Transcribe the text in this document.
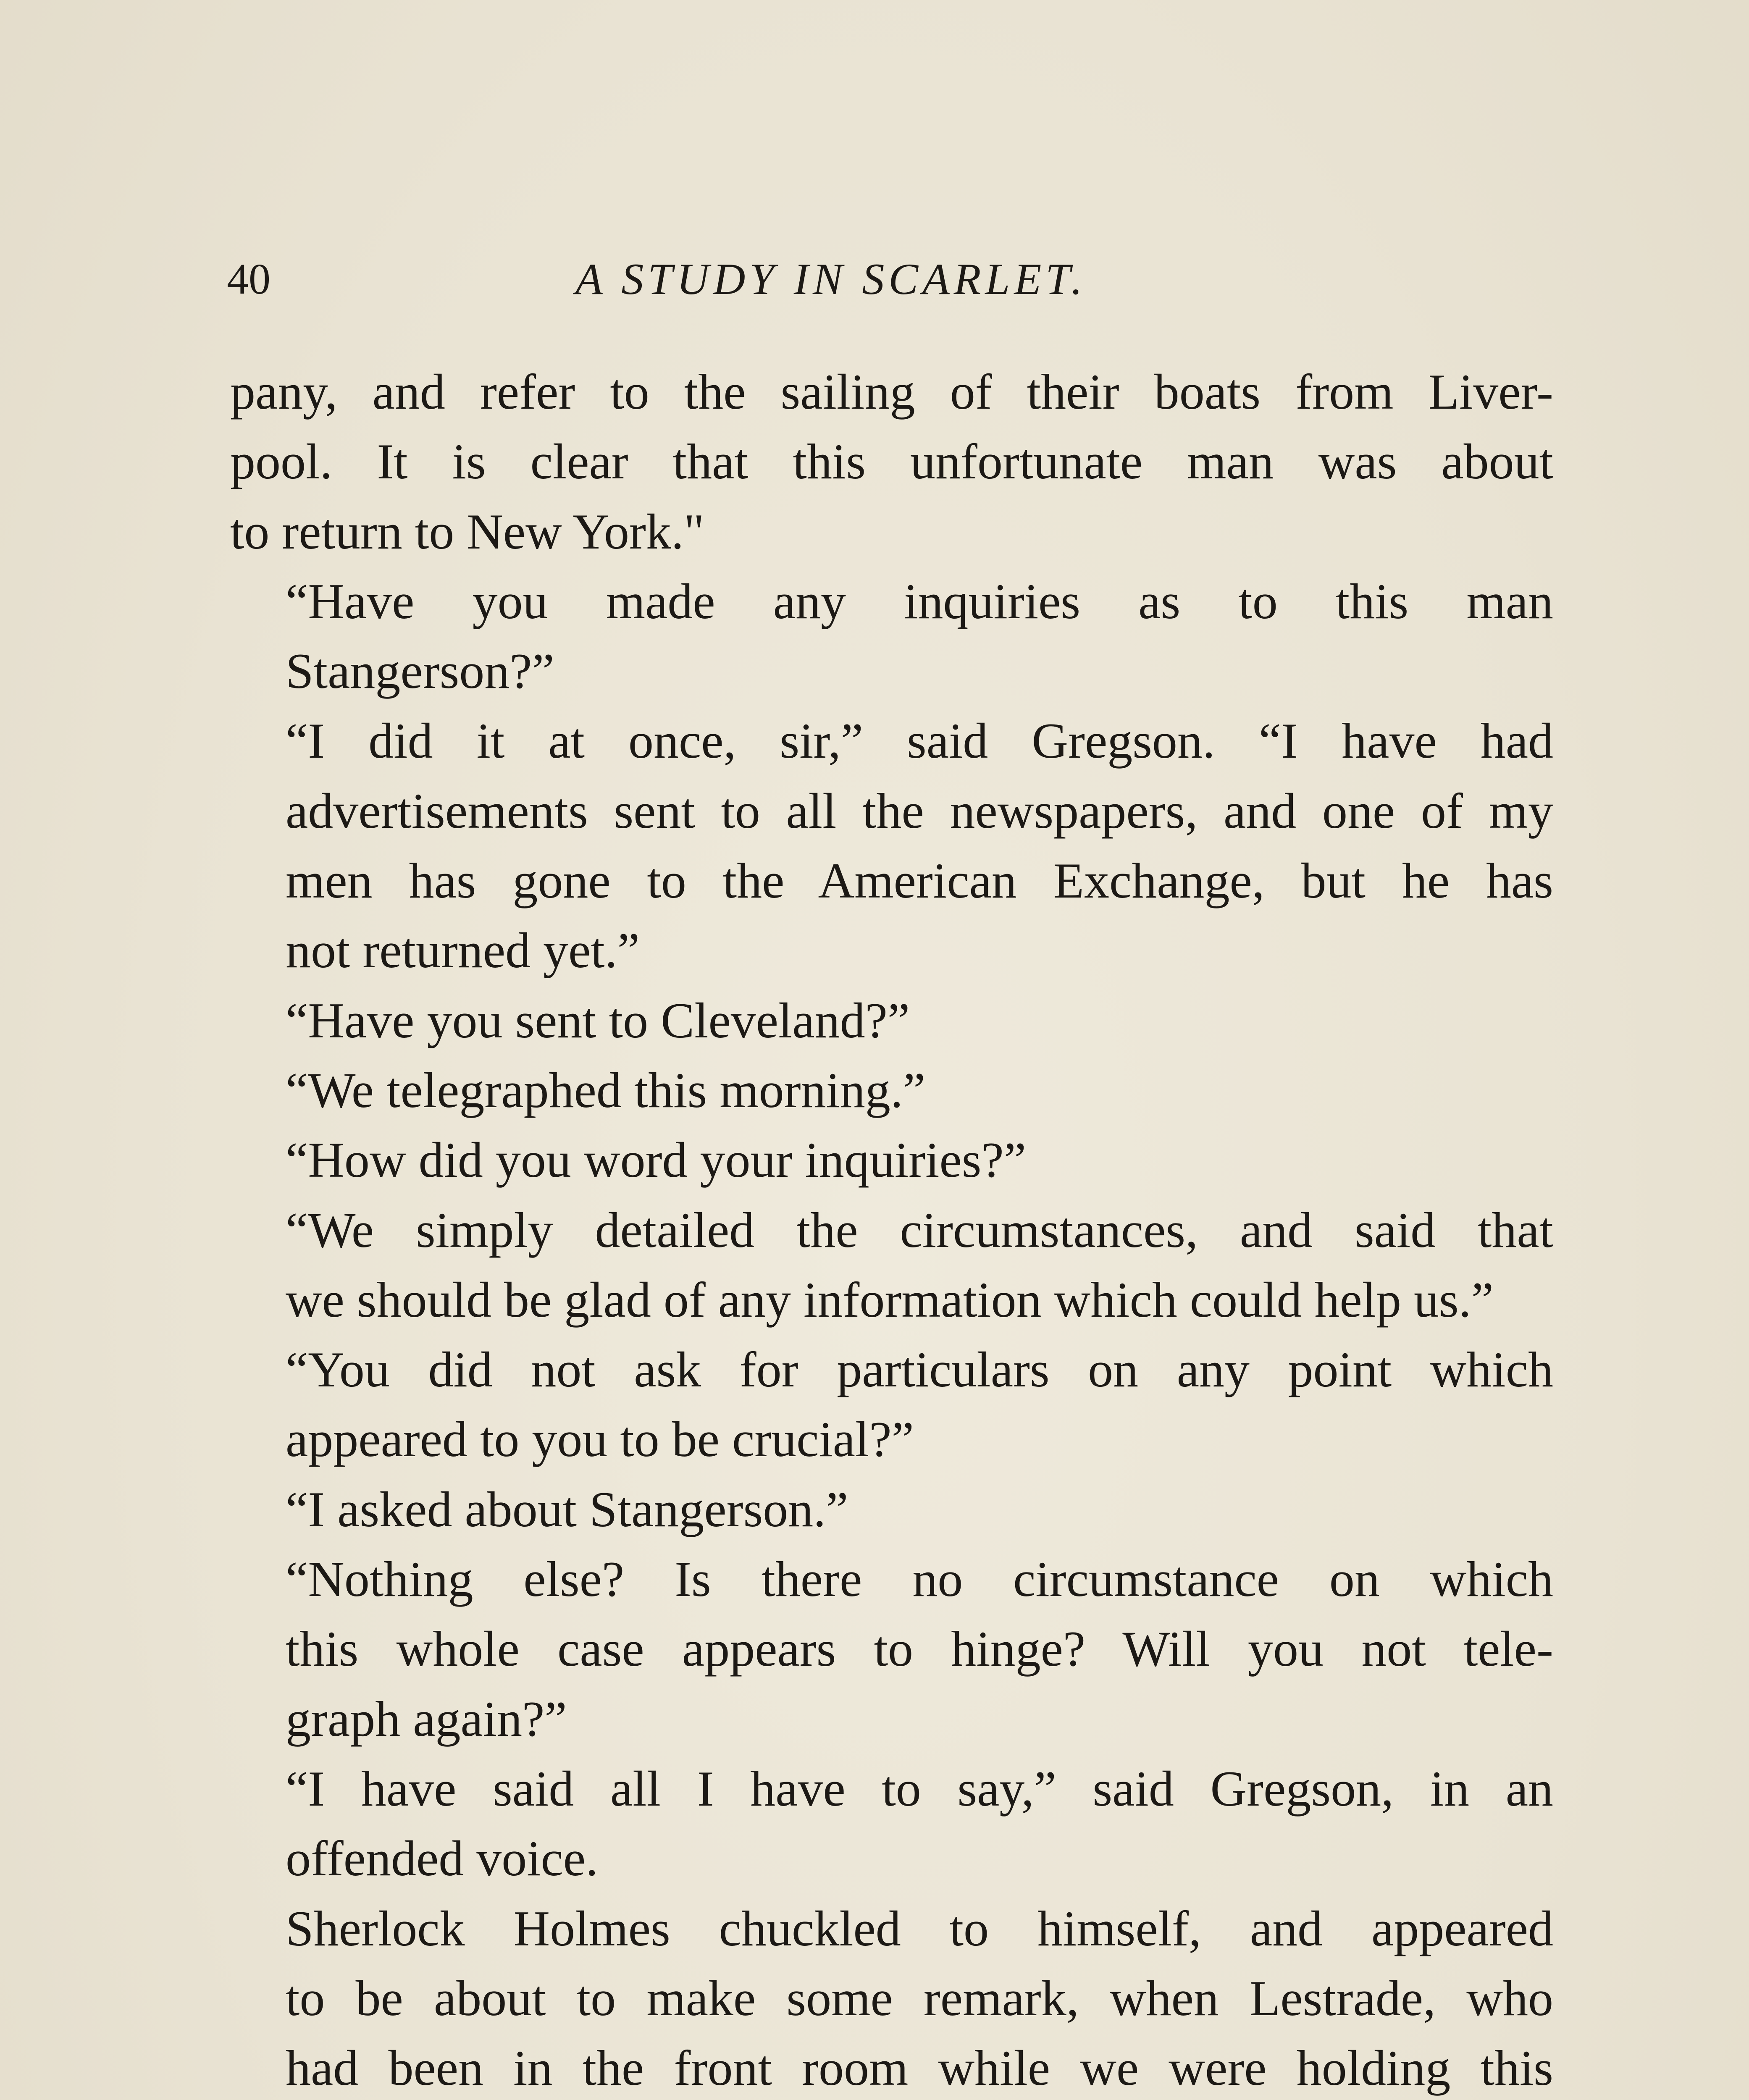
40	A STUDY IN SCARLET.

pany, and refer to the sailing of their boats from Liver-
pool. It is clear that this unfortunate man was about
to return to New York."

“Have you made any inquiries as to this man
Stangerson?”

“I did it at once, sir,” said Gregson. “I have had
advertisements sent to all the newspapers, and one of my
men has gone to the American Exchange, but he has
not returned yet.”

“Have you sent to Cleveland?”

“We telegraphed this morning.”

“How did you word your inquiries?”

“We simply detailed the circumstances, and said that
we should be glad of any information which could help us.”

“You did not ask for particulars on any point which
appeared to you to be crucial?”

“I asked about Stangerson.”

“Nothing else? Is there no circumstance on which
this whole case appears to hinge? Will you not tele-
graph again?”

“I have said all I have to say,” said Gregson, in an
offended voice.

Sherlock Holmes chuckled to himself, and appeared
to be about to make some remark, when Lestrade, who
had been in the front room while we were holding this
